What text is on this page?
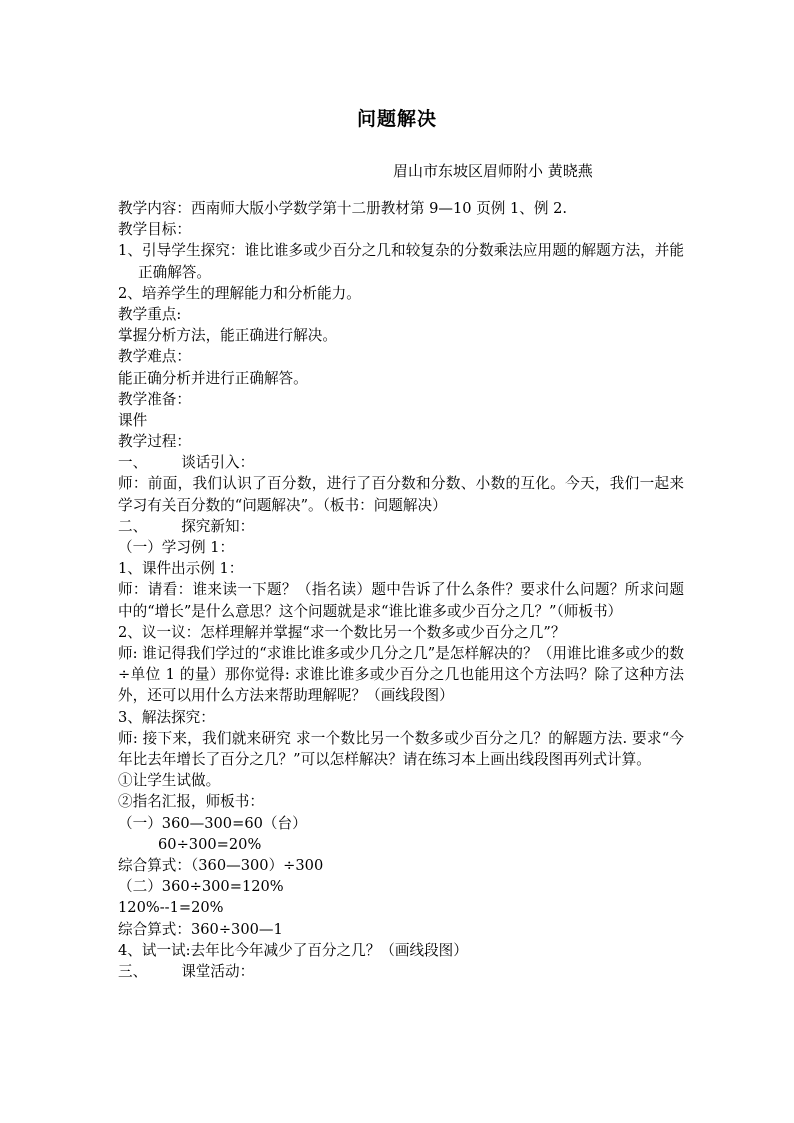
问题解决
眉山市东坡区眉师附小 黄晓燕
教学内容：西南师大版小学数学第十二册教材第 9—10 页例 1、例 2.
教学目标：
1、引导学生探究：谁比谁多或少百分之几和较复杂的分数乘法应用题的解题方法，并能正确解答。
2、培养学生的理解能力和分析能力。
教学重点:
掌握分析方法，能正确进行解决。
教学难点：
能正确分析并进行正确解答。
教学准备：
课件
教学过程：
一、 谈话引入：
师：前面，我们认识了百分数，进行了百分数和分数、小数的互化。今天，我们一起来学习有关百分数的“问题解决”。（板书：问题解决）
二、 探究新知：
（一）学习例 1：
1、课件出示例 1：
师：请看：谁来读一下题？（指名读）题中告诉了什么条件？要求什么问题？所求问题中的“增长”是什么意思？这个问题就是求“谁比谁多或少百分之几？”（师板书）
2、议一议：怎样理解并掌握“求一个数比另一个数多或少百分之几”？
师: 谁记得我们学过的“求谁比谁多或少几分之几”是怎样解决的？（用谁比谁多或少的数÷单位 1 的量）那你觉得: 求谁比谁多或少百分之几也能用这个方法吗？除了这种方法外，还可以用什么方法来帮助理解呢？（画线段图）
3、解法探究：
师: 接下来，我们就来研究 求一个数比另一个数多或少百分之几？的解题方法. 要求“今年比去年增长了百分之几？”可以怎样解决？请在练习本上画出线段图再列式计算。
①让学生试做。
②指名汇报，师板书：
（一）360—300=60（台）
60÷300=20%
综合算式：（360—300）÷300
（二）360÷300=120%
120%--1=20%
综合算式：360÷300—1
4、试一试:去年比今年减少了百分之几？（画线段图）
三、 课堂活动：
